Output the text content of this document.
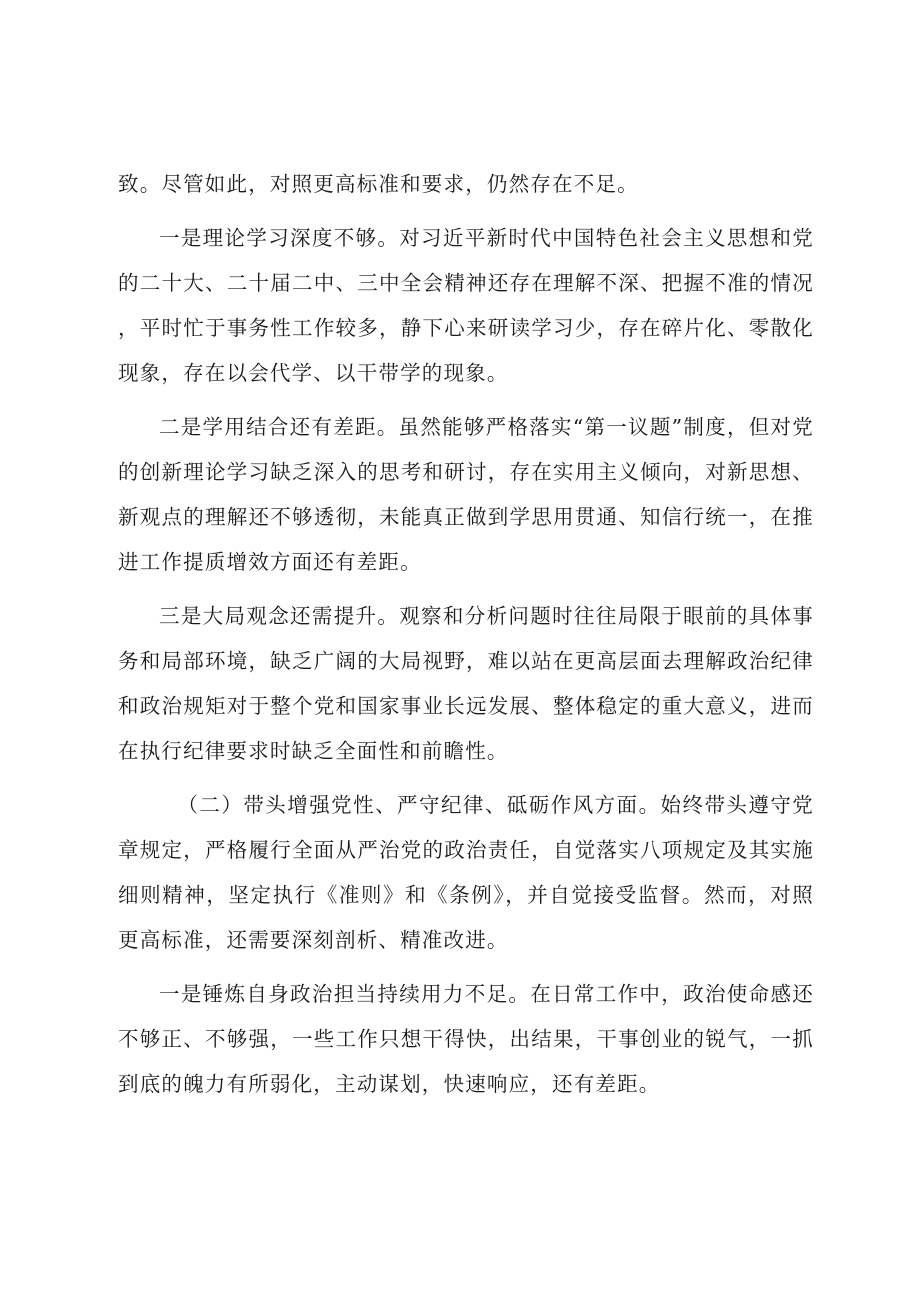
致。尽管如此，对照更高标准和要求，仍然存在不足。

一是理论学习深度不够。对习近平新时代中国特色社会主义思想和党的二十大、二十届二中、三中全会精神还存在理解不深、把握不准的情况，平时忙于事务性工作较多，静下心来研读学习少，存在碎片化、零散化现象，存在以会代学、以干带学的现象。

二是学用结合还有差距。虽然能够严格落实“第一议题”制度，但对党的创新理论学习缺乏深入的思考和研讨，存在实用主义倾向，对新思想、新观点的理解还不够透彻，未能真正做到学思用贯通、知信行统一，在推进工作提质增效方面还有差距。

三是大局观念还需提升。观察和分析问题时往往局限于眼前的具体事务和局部环境，缺乏广阔的大局视野，难以站在更高层面去理解政治纪律和政治规矩对于整个党和国家事业长远发展、整体稳定的重大意义，进而在执行纪律要求时缺乏全面性和前瞻性。

（二）带头增强党性、严守纪律、砥砺作风方面。始终带头遵守党章规定，严格履行全面从严治党的政治责任，自觉落实八项规定及其实施细则精神，坚定执行《准则》和《条例》，并自觉接受监督。然而，对照更高标准，还需要深刻剖析、精准改进。

一是锤炼自身政治担当持续用力不足。在日常工作中，政治使命感还不够正、不够强，一些工作只想干得快，出结果，干事创业的锐气，一抓到底的魄力有所弱化，主动谋划，快速响应，还有差距。
